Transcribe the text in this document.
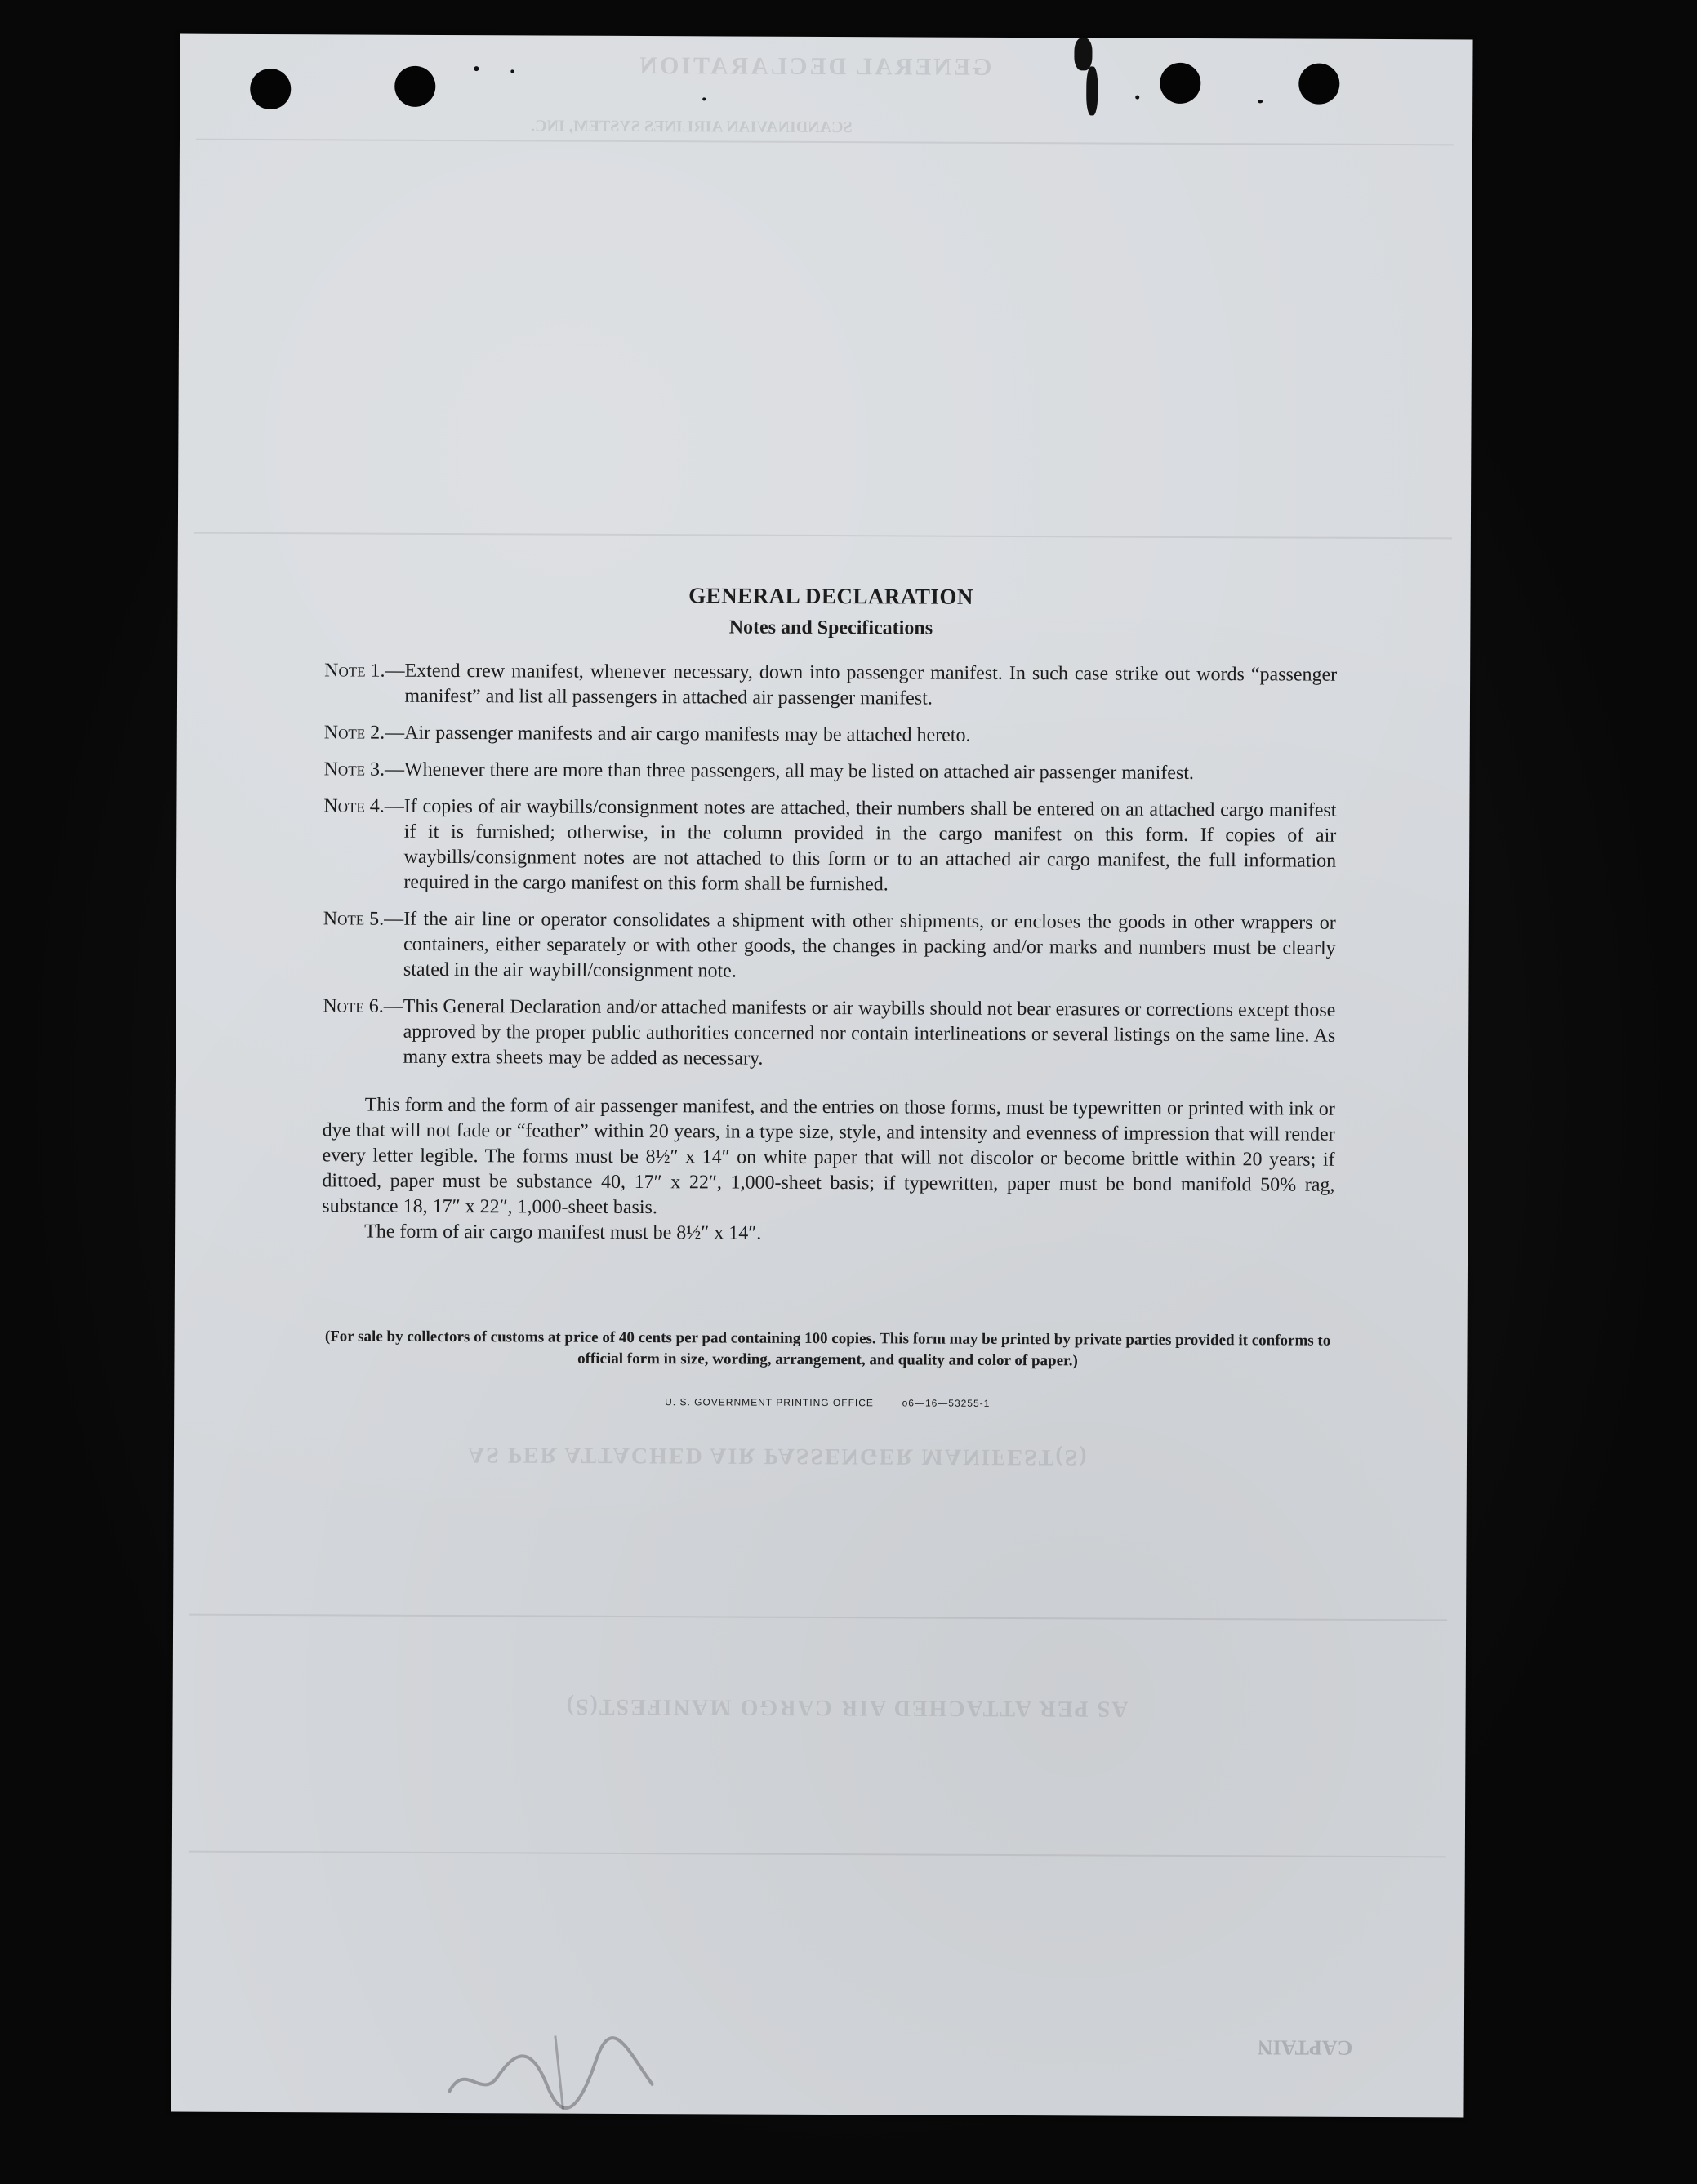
GENERAL DECLARATION
SCANDINAVIAN AIRLINES SYSTEM, INC.
AS PER ATTACHED AIR PASSENGER MANIFEST(S)
AS PER ATTACHED AIR CARGO MANIFEST(S)
CAPTAIN
GENERAL DECLARATION
Notes and Specifications
Note 1.— Extend crew manifest, whenever necessary, down into passenger manifest. In such case strike out words “passenger manifest” and list all passengers in attached air passenger manifest.
Note 2.— Air passenger manifests and air cargo manifests may be attached hereto.
Note 3.— Whenever there are more than three passengers, all may be listed on attached air passenger manifest.
Note 4.— If copies of air waybills/consignment notes are attached, their numbers shall be entered on an attached cargo manifest if it is furnished; otherwise, in the column provided in the cargo manifest on this form. If copies of air waybills/consignment notes are not attached to this form or to an attached air cargo manifest, the full information required in the cargo manifest on this form shall be furnished.
Note 5.— If the air line or operator consolidates a shipment with other shipments, or encloses the goods in other wrappers or containers, either separately or with other goods, the changes in packing and/or marks and numbers must be clearly stated in the air waybill/consignment note.
Note 6.— This General Declaration and/or attached manifests or air waybills should not bear erasures or corrections except those approved by the proper public authorities concerned nor contain interlineations or several listings on the same line. As many extra sheets may be added as necessary.

This form and the form of air passenger manifest, and the entries on those forms, must be typewritten or printed with ink or dye that will not fade or “feather” within 20 years, in a type size, style, and intensity and evenness of impression that will render every letter legible. The forms must be 8½″ x 14″ on white paper that will not discolor or become brittle within 20 years; if dittoed, paper must be substance 40, 17″ x 22″, 1,000-sheet basis; if typewritten, paper must be bond manifold 50% rag, substance 18, 17″ x 22″, 1,000-sheet basis.

The form of air cargo manifest must be 8½″ x 14″.

(For sale by collectors of customs at price of 40 cents per pad containing 100 copies. This form may be printed by private parties provided it conforms to official form in size, wording, arrangement, and quality and color of paper.)
U. S. GOVERNMENT PRINTING OFFICE	o6—16—53255-1
